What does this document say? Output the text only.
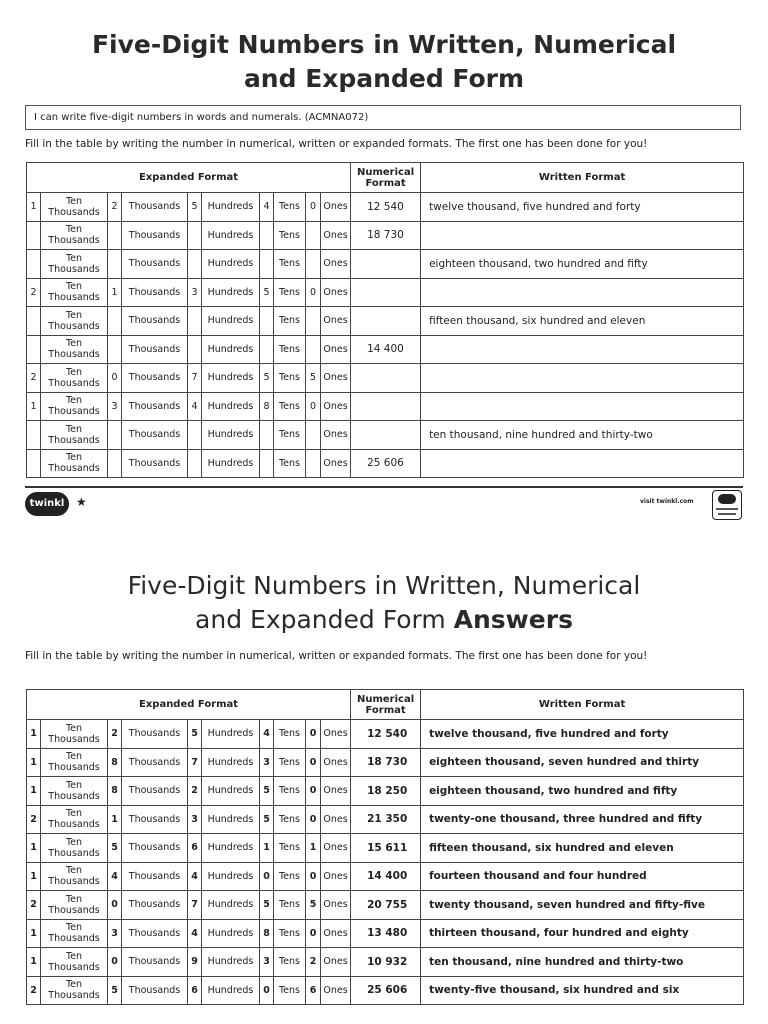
Five-Digit Numbers in Written, Numerical
and Expanded Form
I can write five-digit numbers in words and numerals. (ACMNA072)
Fill in the table by writing the number in numerical, written or expanded formats. The first one has been done for you!
Expanded Format										Numerical Format	Written Format
1	Ten Thousands	2	Thousands	5	Hundreds	4	Tens	0	Ones	12 540	twelve thousand, five hundred and forty
	Ten Thousands		Thousands		Hundreds		Tens		Ones	18 730	
	Ten Thousands		Thousands		Hundreds		Tens		Ones		eighteen thousand, two hundred and fifty
2	Ten Thousands	1	Thousands	3	Hundreds	5	Tens	0	Ones		
	Ten Thousands		Thousands		Hundreds		Tens		Ones		fifteen thousand, six hundred and eleven
	Ten Thousands		Thousands		Hundreds		Tens		Ones	14 400	
2	Ten Thousands	0	Thousands	7	Hundreds	5	Tens	5	Ones		
1	Ten Thousands	3	Thousands	4	Hundreds	8	Tens	0	Ones		
	Ten Thousands		Thousands		Hundreds		Tens		Ones		ten thousand, nine hundred and thirty-two
	Ten Thousands		Thousands		Hundreds		Tens		Ones	25 606	
twinkl ★	visit twinkl.com
Five-Digit Numbers in Written, Numerical
and Expanded Form Answers
Fill in the table by writing the number in numerical, written or expanded formats. The first one has been done for you!
Expanded Format										Numerical Format	Written Format
1	Ten Thousands	2	Thousands	5	Hundreds	4	Tens	0	Ones	12 540	twelve thousand, five hundred and forty
1	Ten Thousands	8	Thousands	7	Hundreds	3	Tens	0	Ones	18 730	eighteen thousand, seven hundred and thirty
1	Ten Thousands	8	Thousands	2	Hundreds	5	Tens	0	Ones	18 250	eighteen thousand, two hundred and fifty
2	Ten Thousands	1	Thousands	3	Hundreds	5	Tens	0	Ones	21 350	twenty-one thousand, three hundred and fifty
1	Ten Thousands	5	Thousands	6	Hundreds	1	Tens	1	Ones	15 611	fifteen thousand, six hundred and eleven
1	Ten Thousands	4	Thousands	4	Hundreds	0	Tens	0	Ones	14 400	fourteen thousand and four hundred
2	Ten Thousands	0	Thousands	7	Hundreds	5	Tens	5	Ones	20 755	twenty thousand, seven hundred and fifty-five
1	Ten Thousands	3	Thousands	4	Hundreds	8	Tens	0	Ones	13 480	thirteen thousand, four hundred and eighty
1	Ten Thousands	0	Thousands	9	Hundreds	3	Tens	2	Ones	10 932	ten thousand, nine hundred and thirty-two
2	Ten Thousands	5	Thousands	6	Hundreds	0	Tens	6	Ones	25 606	twenty-five thousand, six hundred and six
